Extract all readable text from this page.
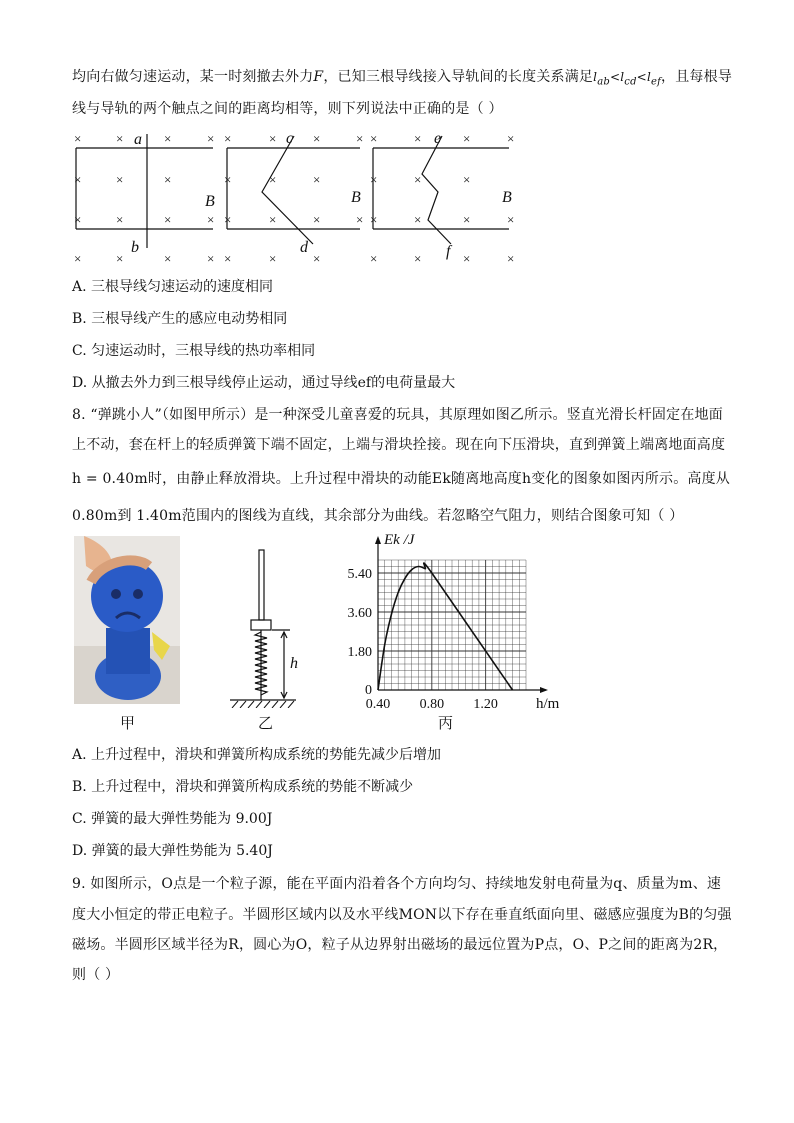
均向右做匀速运动，某一时刻撤去外力F，已知三根导线接入导轨间的长度关系满足$l_{ab}<l_{cd}<l_{ef}$，且每根导
线与导轨的两个触点之间的距离均相等，则下列说法中正确的是（ ）
×	×	×	×
×	×	×
×	×	×	×
×	×	×	×
×	×	×	×
×	×	×
×	×	×	×
×	×	×
×	×	×	×
×	×	×
×	×	×	×
×	×	×	×
a
b
c
d
e
f
B	B	B
A. 三根导线匀速运动的速度相同
B. 三根导线产生的感应电动势相同
C. 匀速运动时，三根导线的热功率相同
D. 从撤去外力到三根导线停止运动，通过导线ef的电荷量最大
8. “弹跳小人”（如图甲所示）是一种深受儿童喜爱的玩具，其原理如图乙所示。竖直光滑长杆固定在地面
上不动，套在杆上的轻质弹簧下端不固定，上端与滑块拴接。现在向下压滑块，直到弹簧上端离地面高度
h = 0.40m时，由静止释放滑块。上升过程中滑块的动能Ek随离地高度h变化的图象如图丙所示。高度从
0.80m到 1.40m范围内的图线为直线，其余部分为曲线。若忽略空气阻力，则结合图象可知（ ）
h
1.80
3.60
5.40
0.40 0.80 1.20
0
h/m
Ek /J
甲	乙	丙
A. 上升过程中，滑块和弹簧所构成系统的势能先减少后增加
B. 上升过程中，滑块和弹簧所构成系统的势能不断减少
C. 弹簧的最大弹性势能为 9.00J
D. 弹簧的最大弹性势能为 5.40J
9. 如图所示，O点是一个粒子源，能在平面内沿着各个方向均匀、持续地发射电荷量为q、质量为m、速
度大小恒定的带正电粒子。半圆形区域内以及水平线MON以下存在垂直纸面向里、磁感应强度为B的匀强
磁场。半圆形区域半径为R，圆心为O，粒子从边界射出磁场的最远位置为P点，O、P之间的距离为2R，
则（ ）
